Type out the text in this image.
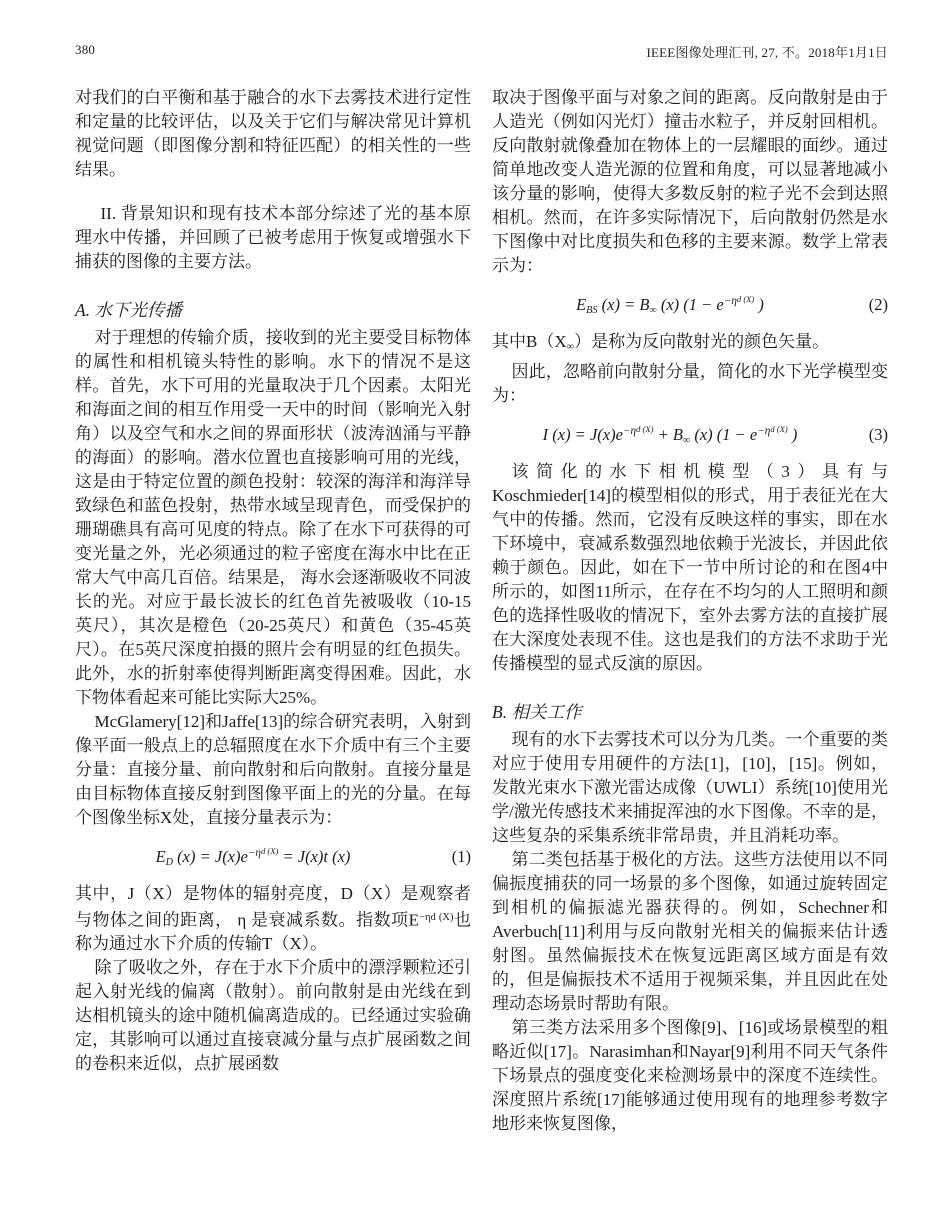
380	IEEE图像处理汇刊, 27, 不。2018年1月1日

对我们的白平衡和基于融合的水下去雾技术进行定性和定量的比较评估，以及关于它们与解决常见计算机视觉问题（即图像分割和特征匹配）的相关性的一些结果。

II. 背景知识和现有技术本部分综述了光的基本原理水中传播，并回顾了已被考虑用于恢复或增强水下捕获的图像的主要方法。

A. 水下光传播

对于理想的传输介质，接收到的光主要受目标物体的属性和相机镜头特性的影响。水下的情况不是这样。首先，水下可用的光量取决于几个因素。太阳光和海面之间的相互作用受一天中的时间（影响光入射角）以及空气和水之间的界面形状（波涛汹涌与平静的海面）的影响。潜水位置也直接影响可用的光线，这是由于特定位置的颜色投射：较深的海洋和海洋导致绿色和蓝色投射，热带水域呈现青色，而受保护的珊瑚礁具有高可见度的特点。除了在水下可获得的可变光量之外，光必须通过的粒子密度在海水中比在正常大气中高几百倍。结果是， 海水会逐渐吸收不同波长的光。对应于最长波长的红色首先被吸收（10-15英尺），其次是橙色（20-25英尺）和黄色（35-45英尺）。在5英尺深度拍摄的照片会有明显的红色损失。此外，水的折射率使得判断距离变得困难。因此，水下物体看起来可能比实际大25%。

McGlamery[12]和Jaffe[13]的综合研究表明，入射到像平面一般点上的总辐照度在水下介质中有三个主要分量：直接分量、前向散射和后向散射。直接分量是由目标物体直接反射到图像平面上的光的分量。在每个图像坐标X处，直接分量表示为：

ED $(x) = J(x)e^{-\eta d (X)} = J(x)t$ (x)	(1)

其中，J（X）是物体的辐射亮度，D（X）是观察者与物体之间的距离， η 是衰减系数。指数项$E^{-\eta d (X)}$也称为通过水下介质的传输T（X）。

除了吸收之外，存在于水下介质中的漂浮颗粒还引起入射光线的偏离（散射）。前向散射是由光线在到达相机镜头的途中随机偏离造成的。已经通过实验确定，其影响可以通过直接衰减分量与点扩展函数之间的卷积来近似，点扩展函数

取决于图像平面与对象之间的距离。反向散射是由于人造光（例如闪光灯）撞击水粒子，并反射回相机。反向散射就像叠加在物体上的一层耀眼的面纱。通过简单地改变人造光源的位置和角度，可以显著地减小该分量的影响，使得大多数反射的粒子光不会到达照相机。然而，在许多实际情况下，后向散射仍然是水下图像中对比度损失和色移的主要来源。数学上常表示为：

EBS (x) = B∞ (x) ($1 - e^{-\eta d (X)}$ )	(2)

其中B（X∞）是称为反向散射光的颜色矢量。

因此，忽略前向散射分量，简化的水下光学模型变为：

I $(x) = J(x)e^{-\eta d (X)} + B\infty$ (x) ($1 - e^{-\eta d (X)}$ )	(3)

该简化的水下相机模型（3）具有与Koschmieder[14]的模型相似的形式，用于表征光在大气中的传播。然而，它没有反映这样的事实，即在水下环境中，衰减系数强烈地依赖于光波长，并因此依赖于颜色。因此，如在下一节中所讨论的和在图4中所示的，如图11所示，在存在不均匀的人工照明和颜色的选择性吸收的情况下，室外去雾方法的直接扩展在大深度处表现不佳。这也是我们的方法不求助于光传播模型的显式反演的原因。

B. 相关工作

现有的水下去雾技术可以分为几类。一个重要的类对应于使用专用硬件的方法[1]，[10]，[15]。例如，发散光束水下激光雷达成像（UWLI）系统[10]使用光学/激光传感技术来捕捉浑浊的水下图像。不幸的是，这些复杂的采集系统非常昂贵，并且消耗功率。

第二类包括基于极化的方法。这些方法使用以不同偏振度捕获的同一场景的多个图像，如通过旋转固定到相机的偏振滤光器获得的。例如，Schechner和Averbuch[11]利用与反向散射光相关的偏振来估计透射图。虽然偏振技术在恢复远距离区域方面是有效的，但是偏振技术不适用于视频采集，并且因此在处理动态场景时帮助有限。

第三类方法采用多个图像[9]、[16]或场景模型的粗略近似[17]。Narasimhan和Nayar[9]利用不同天气条件下场景点的强度变化来检测场景中的深度不连续性。深度照片系统[17]能够通过使用现有的地理参考数字地形来恢复图像，
